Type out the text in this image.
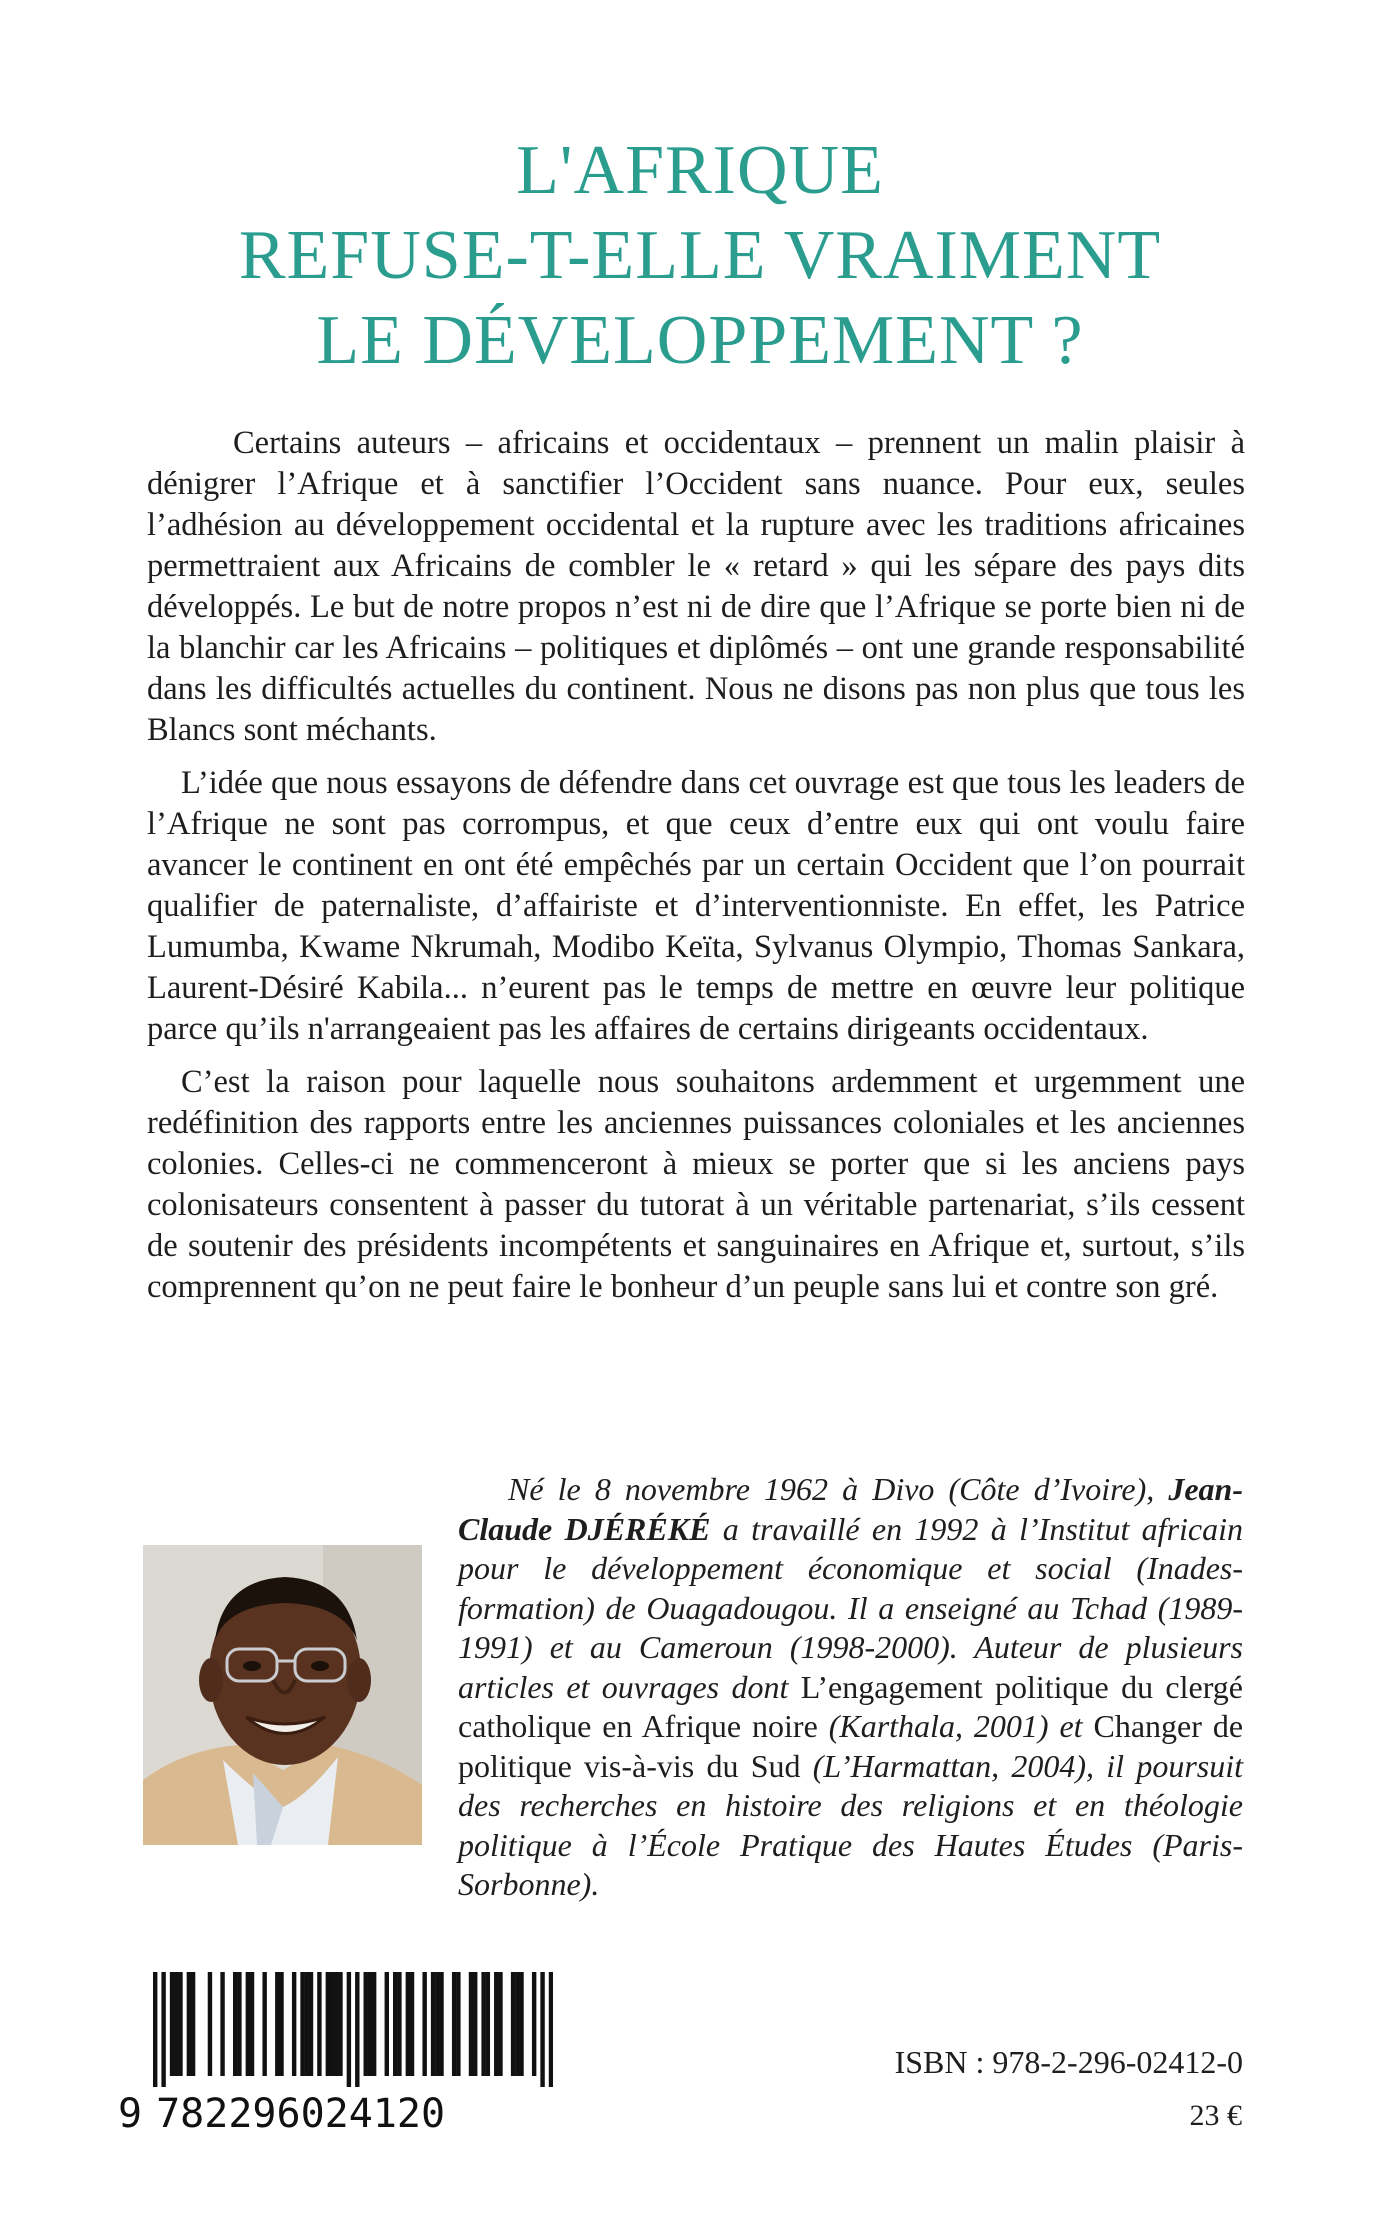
L'AFRIQUE
REFUSE-T-ELLE VRAIMENT
LE DÉVELOPPEMENT ?

Certains auteurs – africains et occidentaux – prennent un malin plaisir à dénigrer l’Afrique et à sanctifier l’Occident sans nuance. Pour eux, seules l’adhésion au développement occidental et la rupture avec les traditions africaines permettraient aux Africains de combler le « retard » qui les sépare des pays dits développés. Le but de notre propos n’est ni de dire que l’Afrique se porte bien ni de la blanchir car les Africains – politiques et diplômés – ont une grande responsabilité dans les difficultés actuelles du continent. Nous ne disons pas non plus que tous les Blancs sont méchants.

L’idée que nous essayons de défendre dans cet ouvrage est que tous les leaders de l’Afrique ne sont pas corrompus, et que ceux d’entre eux qui ont voulu faire avancer le continent en ont été empêchés par un certain Occident que l’on pourrait qualifier de paternaliste, d’affairiste et d’interventionniste. En effet, les Patrice Lumumba, Kwame Nkrumah, Modibo Keïta, Sylvanus Olympio, Thomas Sankara, Laurent-Désiré Kabila... n’eurent pas le temps de mettre en œuvre leur politique parce qu’ils n'arrangeaient pas les affaires de certains dirigeants occidentaux.

C’est la raison pour laquelle nous souhaitons ardemment et urgemment une redéfinition des rapports entre les anciennes puissances coloniales et les anciennes colonies. Celles-ci ne commenceront à mieux se porter que si les anciens pays colonisateurs consentent à passer du tutorat à un véritable partenariat, s’ils cessent de soutenir des présidents incompétents et sanguinaires en Afrique et, surtout, s’ils comprennent qu’on ne peut faire le bonheur d’un peuple sans lui et contre son gré.

Né le 8 novembre 1962 à Divo (Côte d’Ivoire), Jean-Claude DJÉRÉKÉ a travaillé en 1992 à l’Institut africain pour le développement économique et social (Inades-formation) de Ouagadougou. Il a enseigné au Tchad (1989-1991) et au Cameroun (1998-2000). Auteur de plusieurs articles et ouvrages dont L’engagement politique du clergé catholique en Afrique noire (Karthala, 2001) et Changer de politique vis-à-vis du Sud (L’Harmattan, 2004), il poursuit des recherches en histoire des religions et en théologie politique à l’École Pratique des Hautes Études (Paris-Sorbonne).

9 782296024120
ISBN : 978-2-296-02412-0
23 €
